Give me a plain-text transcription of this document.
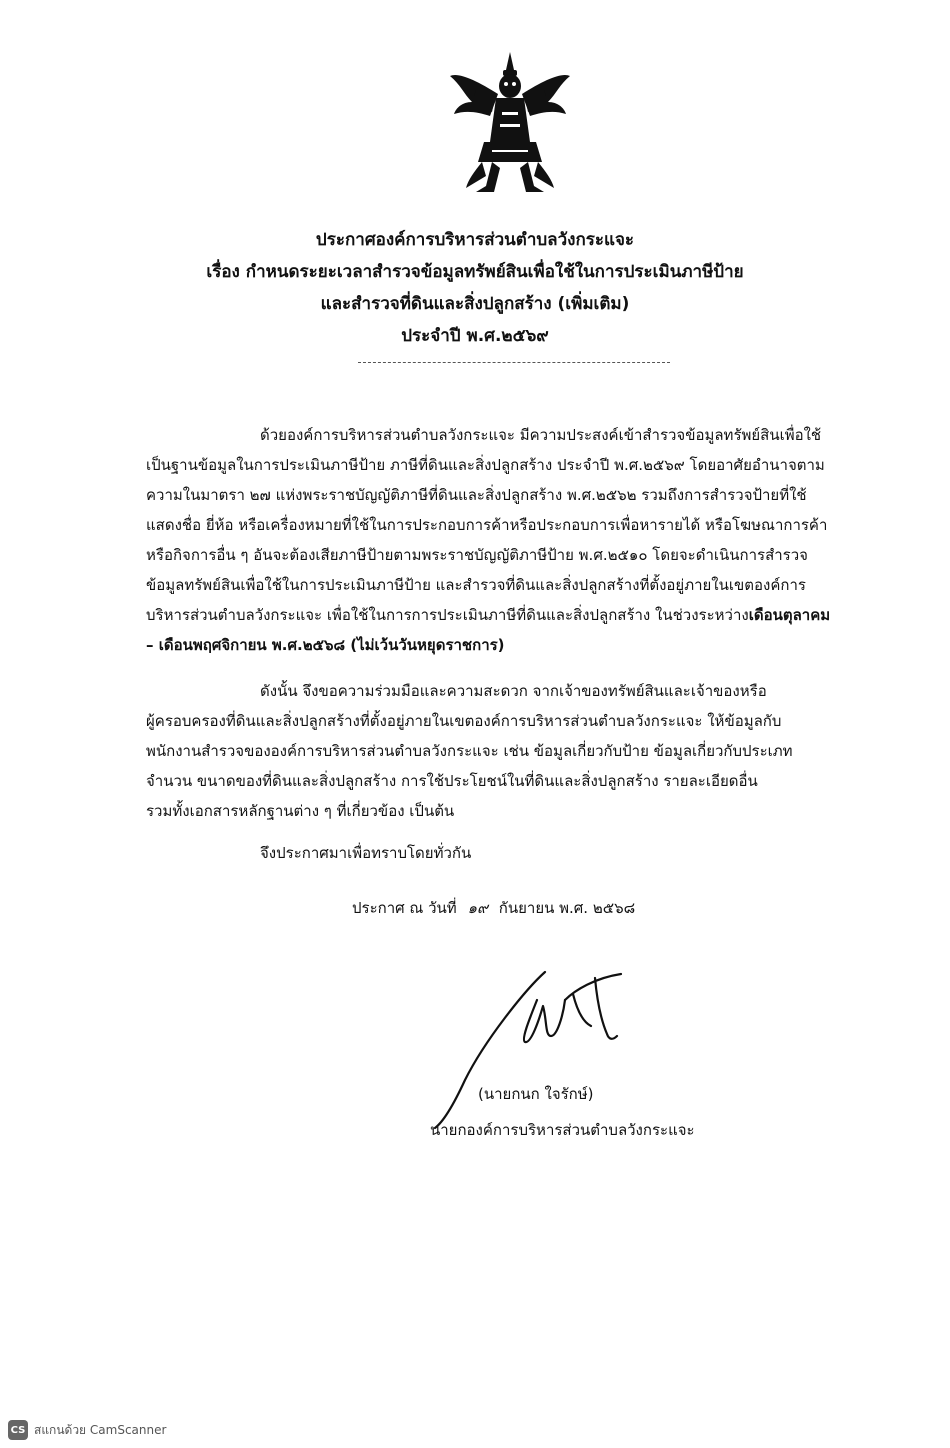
ประกาศองค์การบริหารส่วนตำบลวังกระแจะ
เรื่อง กำหนดระยะเวลาสำรวจข้อมูลทรัพย์สินเพื่อใช้ในการประเมินภาษีป้าย
และสำรวจที่ดินและสิ่งปลูกสร้าง (เพิ่มเติม)
ประจำปี พ.ศ.๒๕๖๙

ด้วยองค์การบริหารส่วนตำบลวังกระแจะ มีความประสงค์เข้าสำรวจข้อมูลทรัพย์สินเพื่อใช้
เป็นฐานข้อมูลในการประเมินภาษีป้าย ภาษีที่ดินและสิ่งปลูกสร้าง ประจำปี พ.ศ.๒๕๖๙ โดยอาศัยอำนาจตาม
ความในมาตรา ๒๗ แห่งพระราชบัญญัติภาษีที่ดินและสิ่งปลูกสร้าง พ.ศ.๒๕๖๒ รวมถึงการสำรวจป้ายที่ใช้
แสดงชื่อ ยี่ห้อ หรือเครื่องหมายที่ใช้ในการประกอบการค้าหรือประกอบการเพื่อหารายได้ หรือโฆษณาการค้า
หรือกิจการอื่น ๆ อันจะต้องเสียภาษีป้ายตามพระราชบัญญัติภาษีป้าย พ.ศ.๒๕๑๐ โดยจะดำเนินการสำรวจ
ข้อมูลทรัพย์สินเพื่อใช้ในการประเมินภาษีป้าย และสำรวจที่ดินและสิ่งปลูกสร้างที่ตั้งอยู่ภายในเขตองค์การ
บริหารส่วนตำบลวังกระแจะ เพื่อใช้ในการการประเมินภาษีที่ดินและสิ่งปลูกสร้าง ในช่วงระหว่างเดือนตุลาคม
– เดือนพฤศจิกายน พ.ศ.๒๕๖๘ (ไม่เว้นวันหยุดราชการ)

ดังนั้น จึงขอความร่วมมือและความสะดวก จากเจ้าของทรัพย์สินและเจ้าของหรือ
ผู้ครอบครองที่ดินและสิ่งปลูกสร้างที่ตั้งอยู่ภายในเขตองค์การบริหารส่วนตำบลวังกระแจะ ให้ข้อมูลกับ
พนักงานสำรวจขององค์การบริหารส่วนตำบลวังกระแจะ เช่น ข้อมูลเกี่ยวกับป้าย ข้อมูลเกี่ยวกับประเภท
จำนวน ขนาดของที่ดินและสิ่งปลูกสร้าง การใช้ประโยชน์ในที่ดินและสิ่งปลูกสร้าง รายละเอียดอื่น
รวมทั้งเอกสารหลักฐานต่าง ๆ ที่เกี่ยวข้อง เป็นต้น

จึงประกาศมาเพื่อทราบโดยทั่วกัน
ประกาศ ณ วันที่ ๑๙ กันยายน พ.ศ. ๒๕๖๘
(นายกนก ใจรักษ์)
นายกองค์การบริหารส่วนตำบลวังกระแจะ
CS สแกนด้วย CamScanner
